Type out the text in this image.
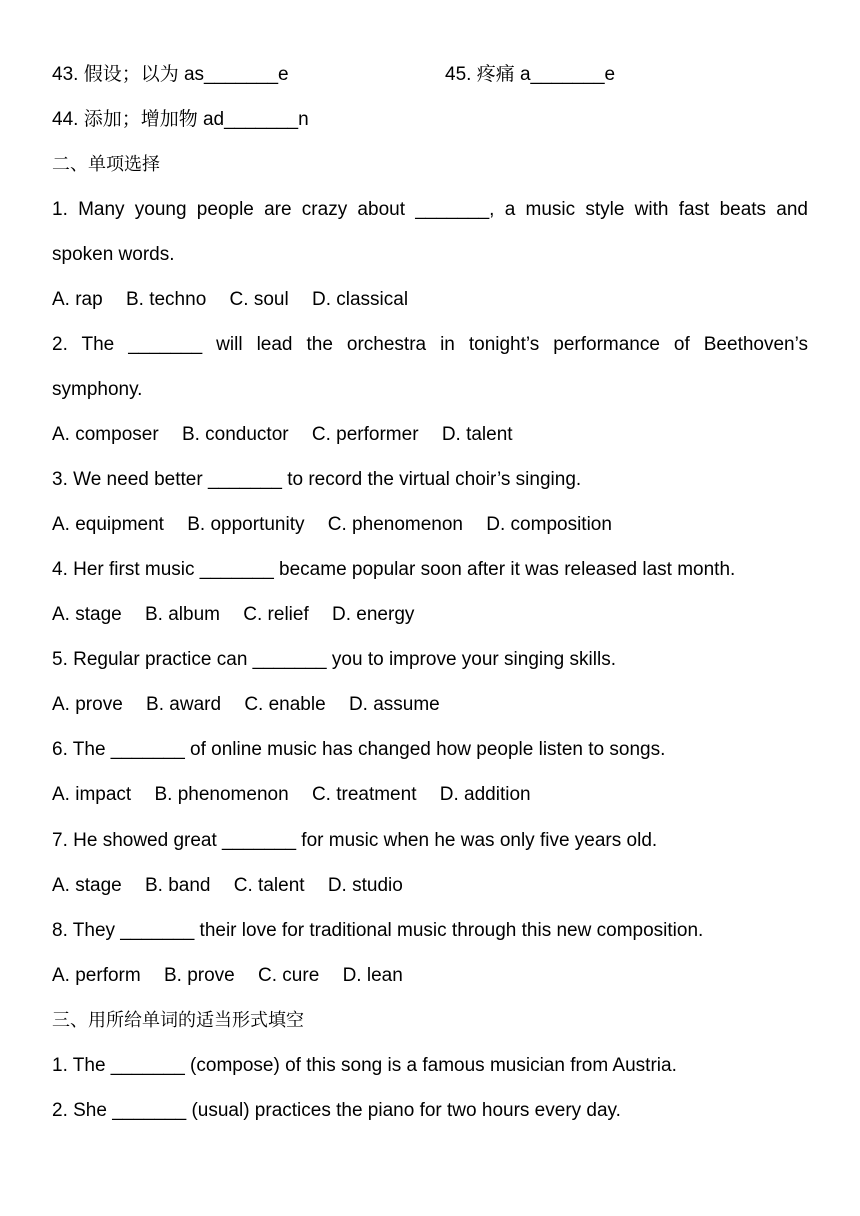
43. 假设；以为 as_______e	45. 疼痛 a_______e
44. 添加；增加物 ad_______n
二、单项选择
1. Many young people are crazy about _______, a music style with fast beats and
spoken words.
A. rap B. techno C. soul D. classical
2. The _______ will lead the orchestra in tonight’s performance of Beethoven’s
symphony.
A. composer B. conductor C. performer D. talent
3. We need better _______ to record the virtual choir’s singing.
A. equipment B. opportunity C. phenomenon D. composition
4. Her first music _______ became popular soon after it was released last month.
A. stage B. album C. relief D. energy
5. Regular practice can _______ you to improve your singing skills.
A. prove B. award C. enable D. assume
6. The _______ of online music has changed how people listen to songs.
A. impact B. phenomenon C. treatment D. addition
7. He showed great _______ for music when he was only five years old.
A. stage B. band C. talent D. studio
8. They _______ their love for traditional music through this new composition.
A. perform B. prove C. cure D. lean
三、用所给单词的适当形式填空
1. The _______ (compose) of this song is a famous musician from Austria.
2. She _______ (usual) practices the piano for two hours every day.
